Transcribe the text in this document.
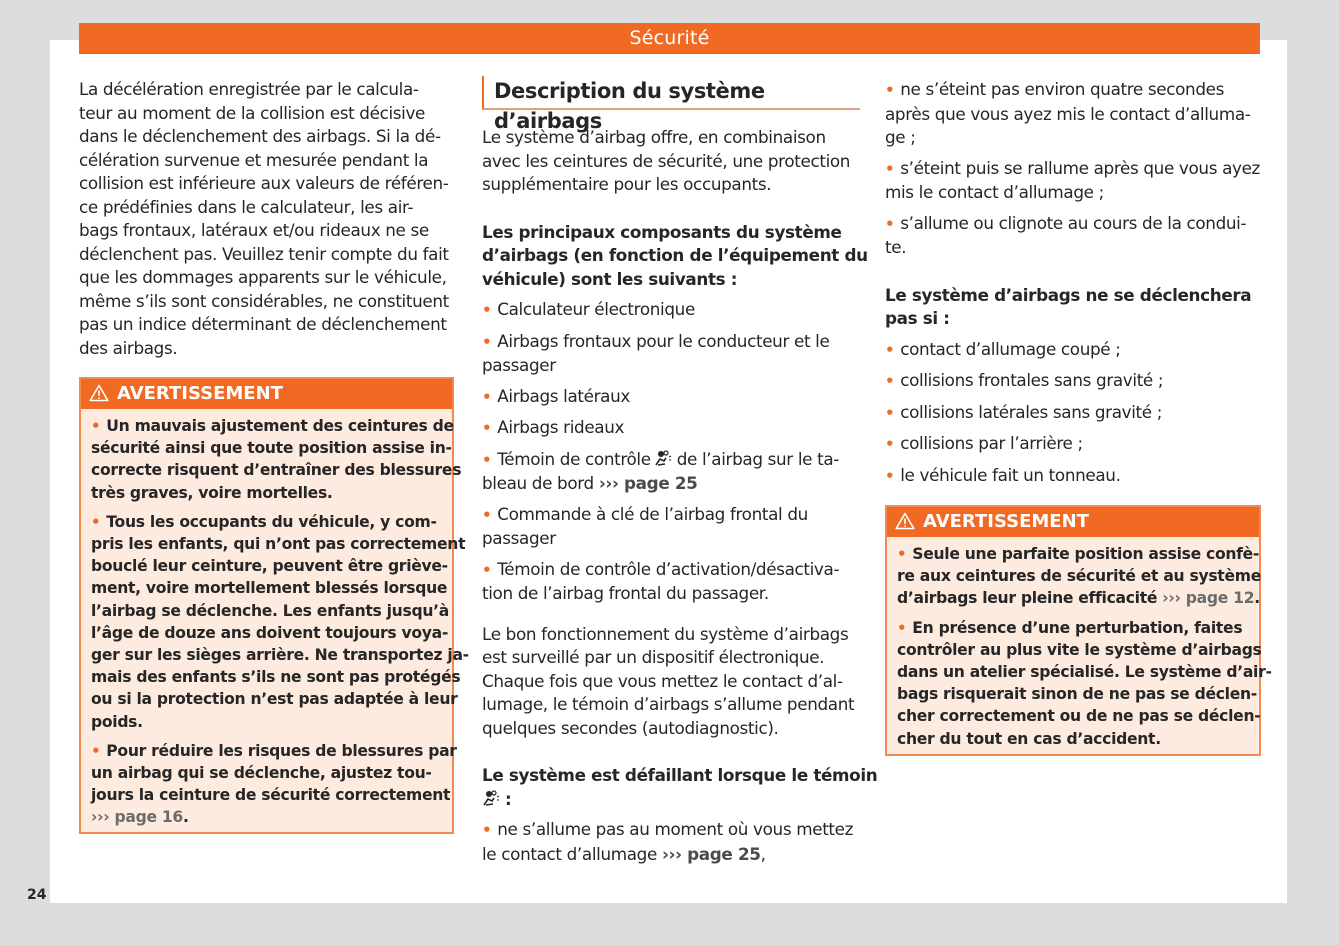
Sécurité

La décélération enregistrée par le calcula-
teur au moment de la collision est décisive
dans le déclenchement des airbags. Si la dé-
célération survenue et mesurée pendant la
collision est inférieure aux valeurs de référen-
ce prédéfinies dans le calculateur, les air-
bags frontaux, latéraux et/ou rideaux ne se
déclenchent pas. Veuillez tenir compte du fait
que les dommages apparents sur le véhicule,
même s’ils sont considérables, ne constituent
pas un indice déterminant de déclenchement
des airbags.

AVERTISSEMENT
• Un mauvais ajustement des ceintures de
sécurité ainsi que toute position assise in-
correcte risquent d’entraîner des blessures
très graves, voire mortelles.
• Tous les occupants du véhicule, y com-
pris les enfants, qui n’ont pas correctement
bouclé leur ceinture, peuvent être griève-
ment, voire mortellement blessés lorsque
l’airbag se déclenche. Les enfants jusqu’à
l’âge de douze ans doivent toujours voya-
ger sur les sièges arrière. Ne transportez ja-
mais des enfants s’ils ne sont pas protégés
ou si la protection n’est pas adaptée à leur
poids.
• Pour réduire les risques de blessures par
un airbag qui se déclenche, ajustez tou-
jours la ceinture de sécurité correctement
››› page 16.
Description du système d’airbags

Le système d’airbag offre, en combinaison
avec les ceintures de sécurité, une protection
supplémentaire pour les occupants.

Les principaux composants du système
d’airbags (en fonction de l’équipement du
véhicule) sont les suivants :

• Calculateur électronique
• Airbags frontaux pour le conducteur et le
passager
• Airbags latéraux
• Airbags rideaux
• Témoin de contrôle de l’airbag sur le ta-
bleau de bord ››› page 25
• Commande à clé de l’airbag frontal du
passager
• Témoin de contrôle d’activation/désactiva-
tion de l’airbag frontal du passager.

Le bon fonctionnement du système d’airbags
est surveillé par un dispositif électronique.
Chaque fois que vous mettez le contact d’al-
lumage, le témoin d’airbags s’allume pendant
quelques secondes (autodiagnostic).

Le système est défaillant lorsque le témoin
:

• ne s’allume pas au moment où vous mettez
le contact d’allumage ››› page 25,
• ne s’éteint pas environ quatre secondes
après que vous ayez mis le contact d’alluma-
ge ;
• s’éteint puis se rallume après que vous ayez
mis le contact d’allumage ;
• s’allume ou clignote au cours de la condui-
te.

Le système d’airbags ne se déclenchera
pas si :

• contact d’allumage coupé ;
• collisions frontales sans gravité ;
• collisions latérales sans gravité ;
• collisions par l’arrière ;
• le véhicule fait un tonneau.
AVERTISSEMENT
• Seule une parfaite position assise confè-
re aux ceintures de sécurité et au système
d’airbags leur pleine efficacité ››› page 12.
• En présence d’une perturbation, faites
contrôler au plus vite le système d’airbags
dans un atelier spécialisé. Le système d’air-
bags risquerait sinon de ne pas se déclen-
cher correctement ou de ne pas se déclen-
cher du tout en cas d’accident.
24
